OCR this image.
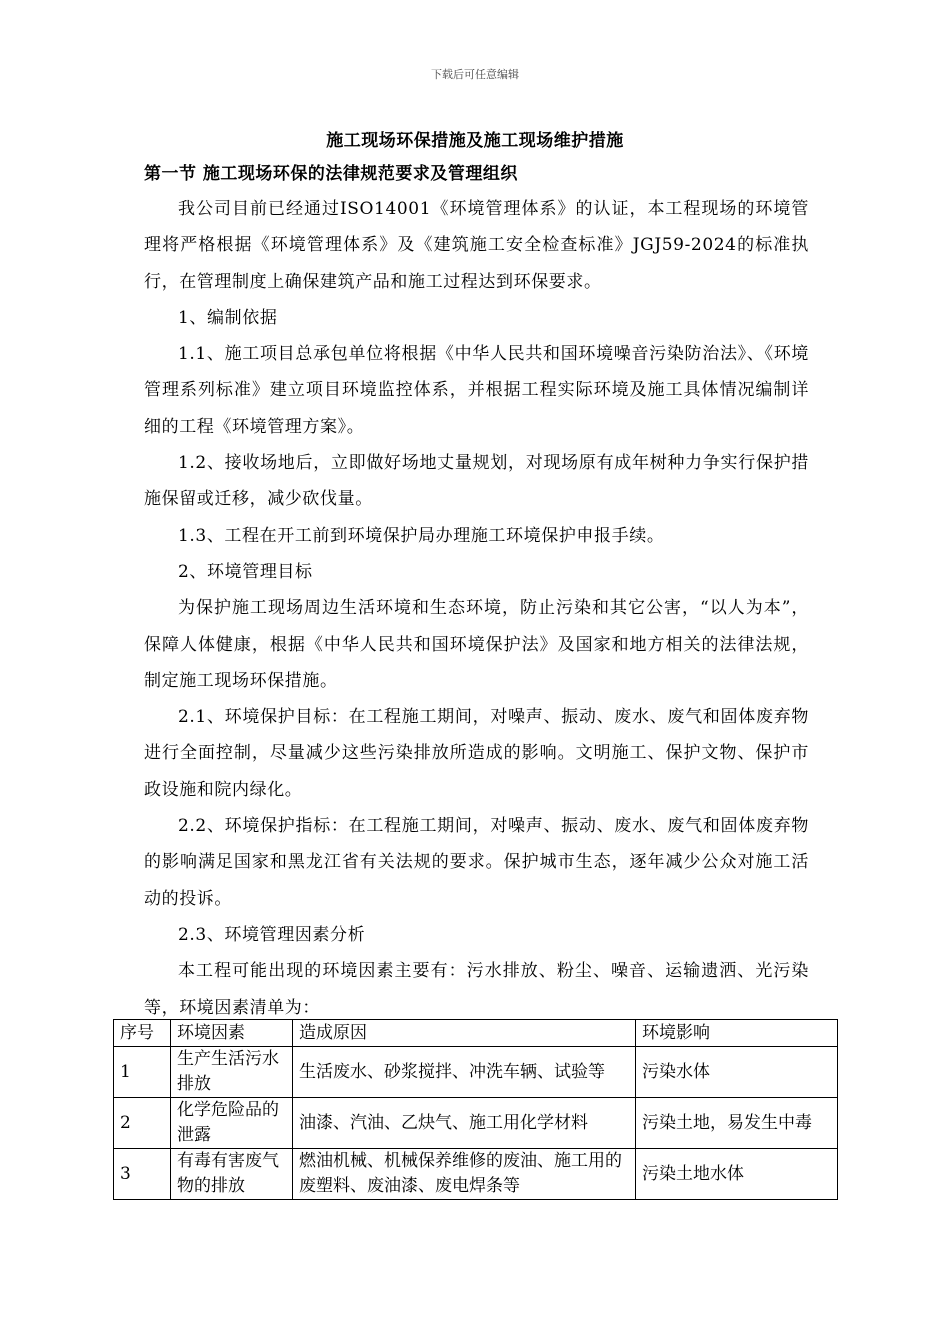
下载后可任意编辑
施工现场环保措施及施工现场维护措施
第一节 施工现场环保的法律规范要求及管理组织

我公司目前已经通过ISO14001《环境管理体系》的认证，本工程现场的环境管理将严格根据《环境管理体系》及《建筑施工安全检查标准》JGJ59-2024的标准执行，在管理制度上确保建筑产品和施工过程达到环保要求。

1、编制依据

1.1、施工项目总承包单位将根据《中华人民共和国环境噪音污染防治法》、《环境管理系列标准》建立项目环境监控体系，并根据工程实际环境及施工具体情况编制详细的工程《环境管理方案》。

1.2、接收场地后，立即做好场地丈量规划，对现场原有成年树种力争实行保护措施保留或迁移，减少砍伐量。

1.3、工程在开工前到环境保护局办理施工环境保护申报手续。

2、环境管理目标

为保护施工现场周边生活环境和生态环境，防止污染和其它公害，“以人为本”，保障人体健康，根据《中华人民共和国环境保护法》及国家和地方相关的法律法规，制定施工现场环保措施。

2.1、环境保护目标：在工程施工期间，对噪声、振动、废水、废气和固体废弃物进行全面控制，尽量减少这些污染排放所造成的影响。文明施工、保护文物、保护市政设施和院内绿化。

2.2、环境保护指标：在工程施工期间，对噪声、振动、废水、废气和固体废弃物的影响满足国家和黑龙江省有关法规的要求。保护城市生态，逐年减少公众对施工活动的投诉。

2.3、环境管理因素分析

本工程可能出现的环境因素主要有：污水排放、粉尘、噪音、运输遗洒、光污染等，环境因素清单为：

序号	环境因素	造成原因	环境影响
1	生产生活污水排放	生活废水、砂浆搅拌、冲洗车辆、试验等	污染水体
2	化学危险品的泄露	油漆、汽油、乙炔气、施工用化学材料	污染土地，易发生中毒
3	有毒有害废气物的排放	燃油机械、机械保养维修的废油、施工用的废塑料、废油漆、废电焊条等	污染土地水体
